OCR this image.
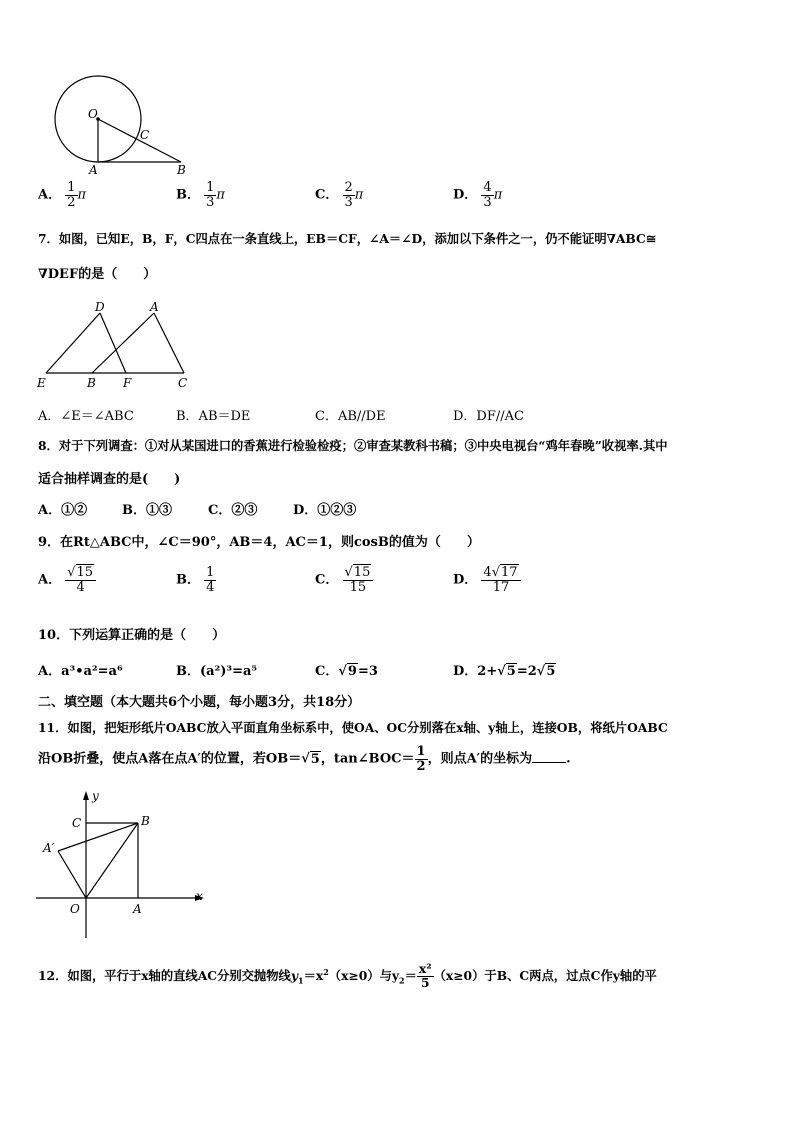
O
C
A	B
A． $\frac{1}{2}$ π	B． $\frac{1}{3}$ π	C． $\frac{2}{3}$ π	D． $\frac{4}{3}$ π
7．如图，已知E，B，F，C四点在一条直线上，EB＝CF，∠A＝∠D，添加以下条件之一，仍不能证明∇ABC≅
∇DEF的是（　　）
D	A
E	B F	C
A．∠E＝∠ABC	B．AB＝DE	C．AB//DE	D．DF//AC
8．对于下列调查：①对从某国进口的香蕉进行检验检疫；②审查某教科书稿；③中央电视台“鸡年春晚”收视率.其中
适合抽样调查的是(　　)
A．①②	B．①③	C．②③	D．①②③
9．在Rt△ABC中，∠C＝90°，AB＝4，AC＝1，则cosB的值为（　　）
A． $\frac{√15}{4}$	B． $\frac{1}{4}$	C． $\frac{√15}{15}$	D． $\frac{4√17}{17}$
10．下列运算正确的是（　　）
A．a³•a²=a⁶	B．(a²)³=a⁵	C．√9=3	D．2+√5=2√5
二、填空题（本大题共6个小题，每小题3分，共18分）
11．如图，把矩形纸片OABC放入平面直角坐标系中，使OA、OC分别落在x轴、y轴上，连接OB，将纸片OABC
沿OB折叠，使点A落在点A′的位置，若OB＝√5，tan∠BOC＝ $\frac{1}{2}$ ，则点A′的坐标为	.
y
x
C	B
A′
O	A
12．如图，平行于x轴的直线AC分别交抛物线$y_1=x^2(x\ge 0)$与$y_2= \frac{\text{x²}}{5} (x\ge 0)$于B、C两点，过点C作y轴的平
